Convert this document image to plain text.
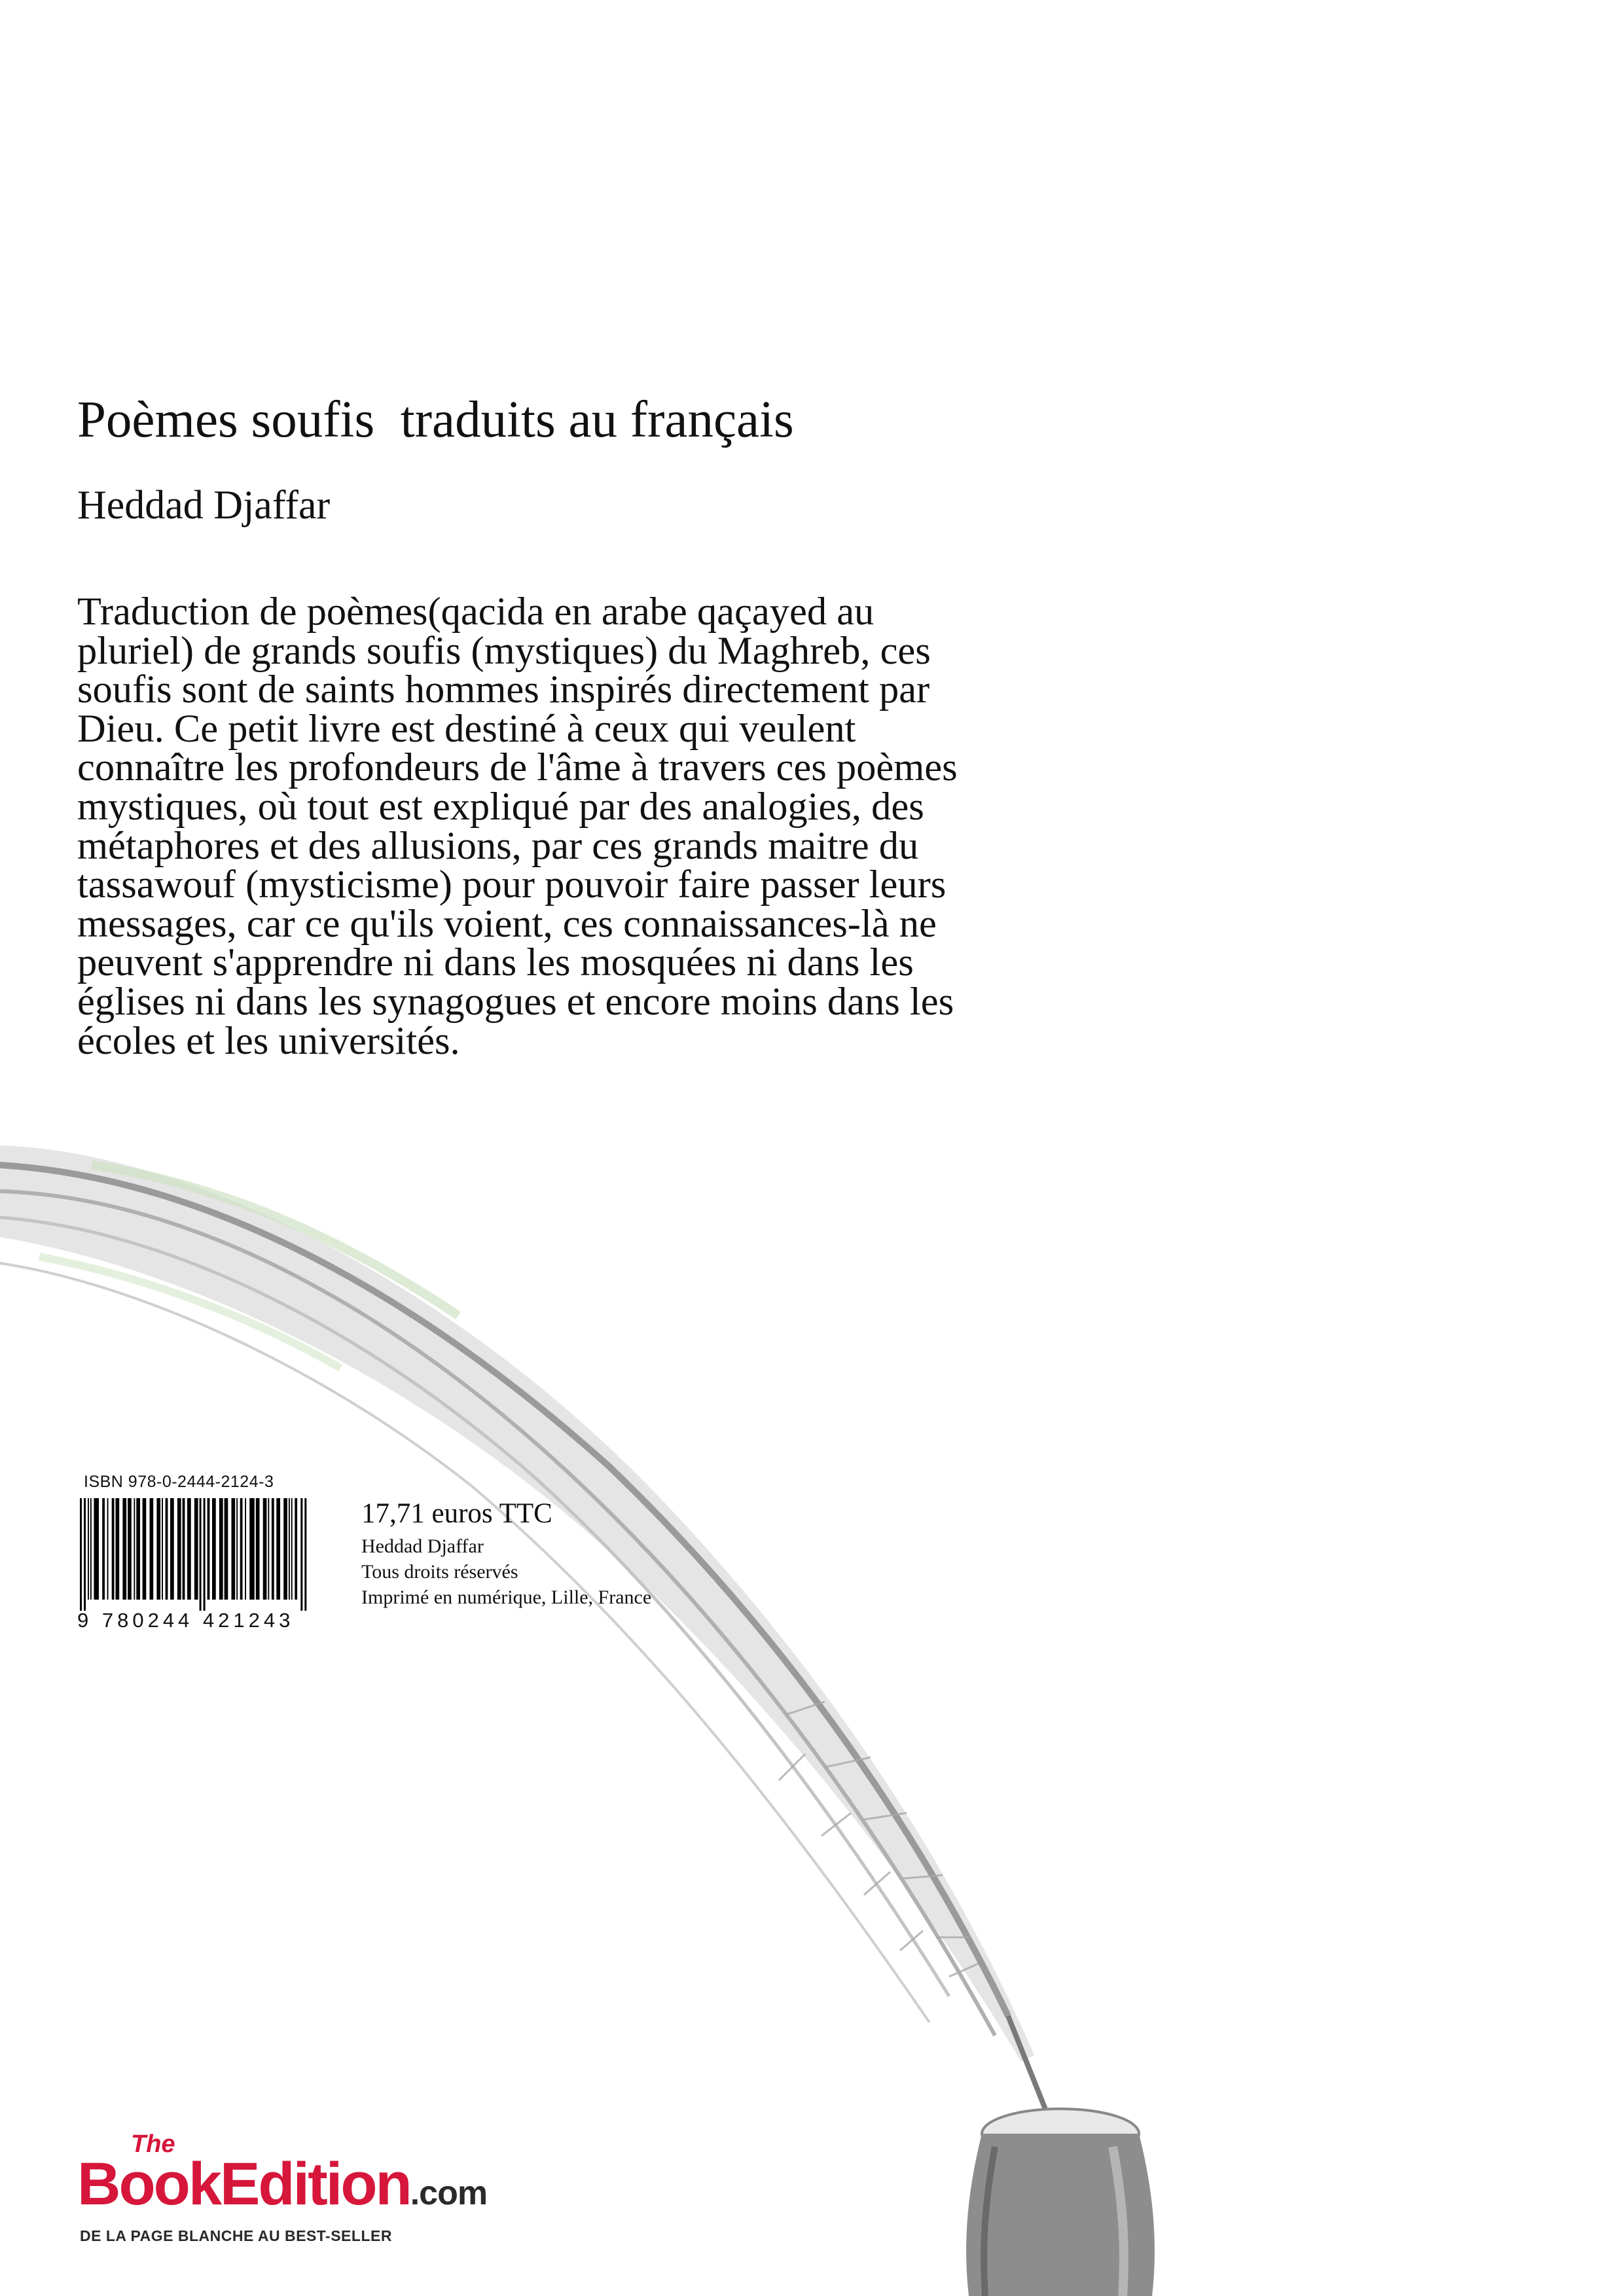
Poèmes soufis  traduits au français

Heddad Djaffar

Traduction de poèmes(qacida en arabe qaçayed au
pluriel) de grands soufis (mystiques) du Maghreb, ces
soufis sont de saints hommes inspirés directement par
Dieu. Ce petit livre est destiné à ceux qui veulent
connaître les profondeurs de l'âme à travers ces poèmes
mystiques, où tout est expliqué par des analogies, des
métaphores et des allusions, par ces grands maitre du
tassawouf (mysticisme) pour pouvoir faire passer leurs
messages, car ce qu'ils voient, ces connaissances-là ne
peuvent s'apprendre ni dans les mosquées ni dans les
églises ni dans les synagogues et encore moins dans les
écoles et les universités.
ISBN 978-0-2444-2124-3
9 780244 421243

17,71 euros TTC

Heddad Djaffar

Tous droits réservés

Imprimé en numérique, Lille, France

The
BookEdition.com
DE LA PAGE BLANCHE AU BEST-SELLER
